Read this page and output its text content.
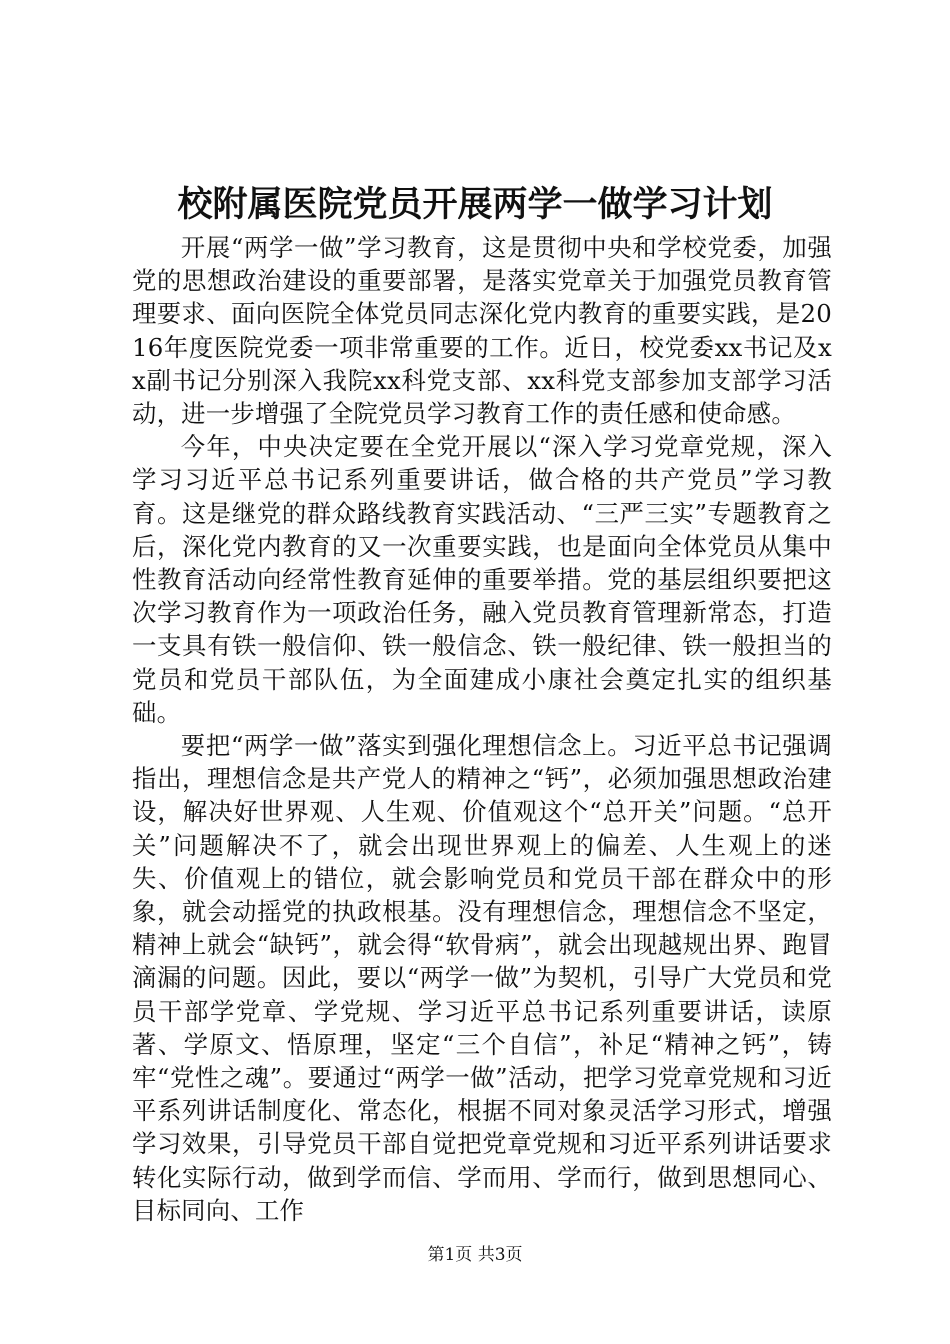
校附属医院党员开展两学一做学习计划

开展“两学一做”学习教育，这是贯彻中央和学校党委，加强党的思想政治建设的重要部署，是落实党章关于加强党员教育管理要求、面向医院全体党员同志深化党内教育的重要实践，是2016年度医院党委一项非常重要的工作。近日，校党委xx书记及xx副书记分别深入我院xx科党支部、xx科党支部参加支部学习活动，进一步增强了全院党员学习教育工作的责任感和使命感。

今年，中央决定要在全党开展以“深入学习党章党规，深入学习习近平总书记系列重要讲话，做合格的共产党员”学习教育。这是继党的群众路线教育实践活动、“三严三实”专题教育之后，深化党内教育的又一次重要实践，也是面向全体党员从集中性教育活动向经常性教育延伸的重要举措。党的基层组织要把这次学习教育作为一项政治任务，融入党员教育管理新常态，打造一支具有铁一般信仰、铁一般信念、铁一般纪律、铁一般担当的党员和党员干部队伍，为全面建成小康社会奠定扎实的组织基础。

要把“两学一做”落实到强化理想信念上。习近平总书记强调指出，理想信念是共产党人的精神之“钙”，必须加强思想政治建设，解决好世界观、人生观、价值观这个“总开关”问题。“总开关”问题解决不了，就会出现世界观上的偏差、人生观上的迷失、价值观上的错位，就会影响党员和党员干部在群众中的形象，就会动摇党的执政根基。没有理想信念，理想信念不坚定，精神上就会“缺钙”，就会得“软骨病”，就会出现越规出界、跑冒滴漏的问题。因此，要以“两学一做”为契机，引导广大党员和党员干部学党章、学党规、学习近平总书记系列重要讲话，读原著、学原文、悟原理，坚定“三个自信”，补足“精神之钙”，铸牢“党性之魂”。要通过“两学一做”活动，把学习党章党规和习近平系列讲话制度化、常态化，根据不同对象灵活学习形式，增强学习效果，引导党员干部自觉把党章党规和习近平系列讲话要求转化实际行动，做到学而信、学而用、学而行，做到思想同心、目标同向、工作

第1页 共3页
